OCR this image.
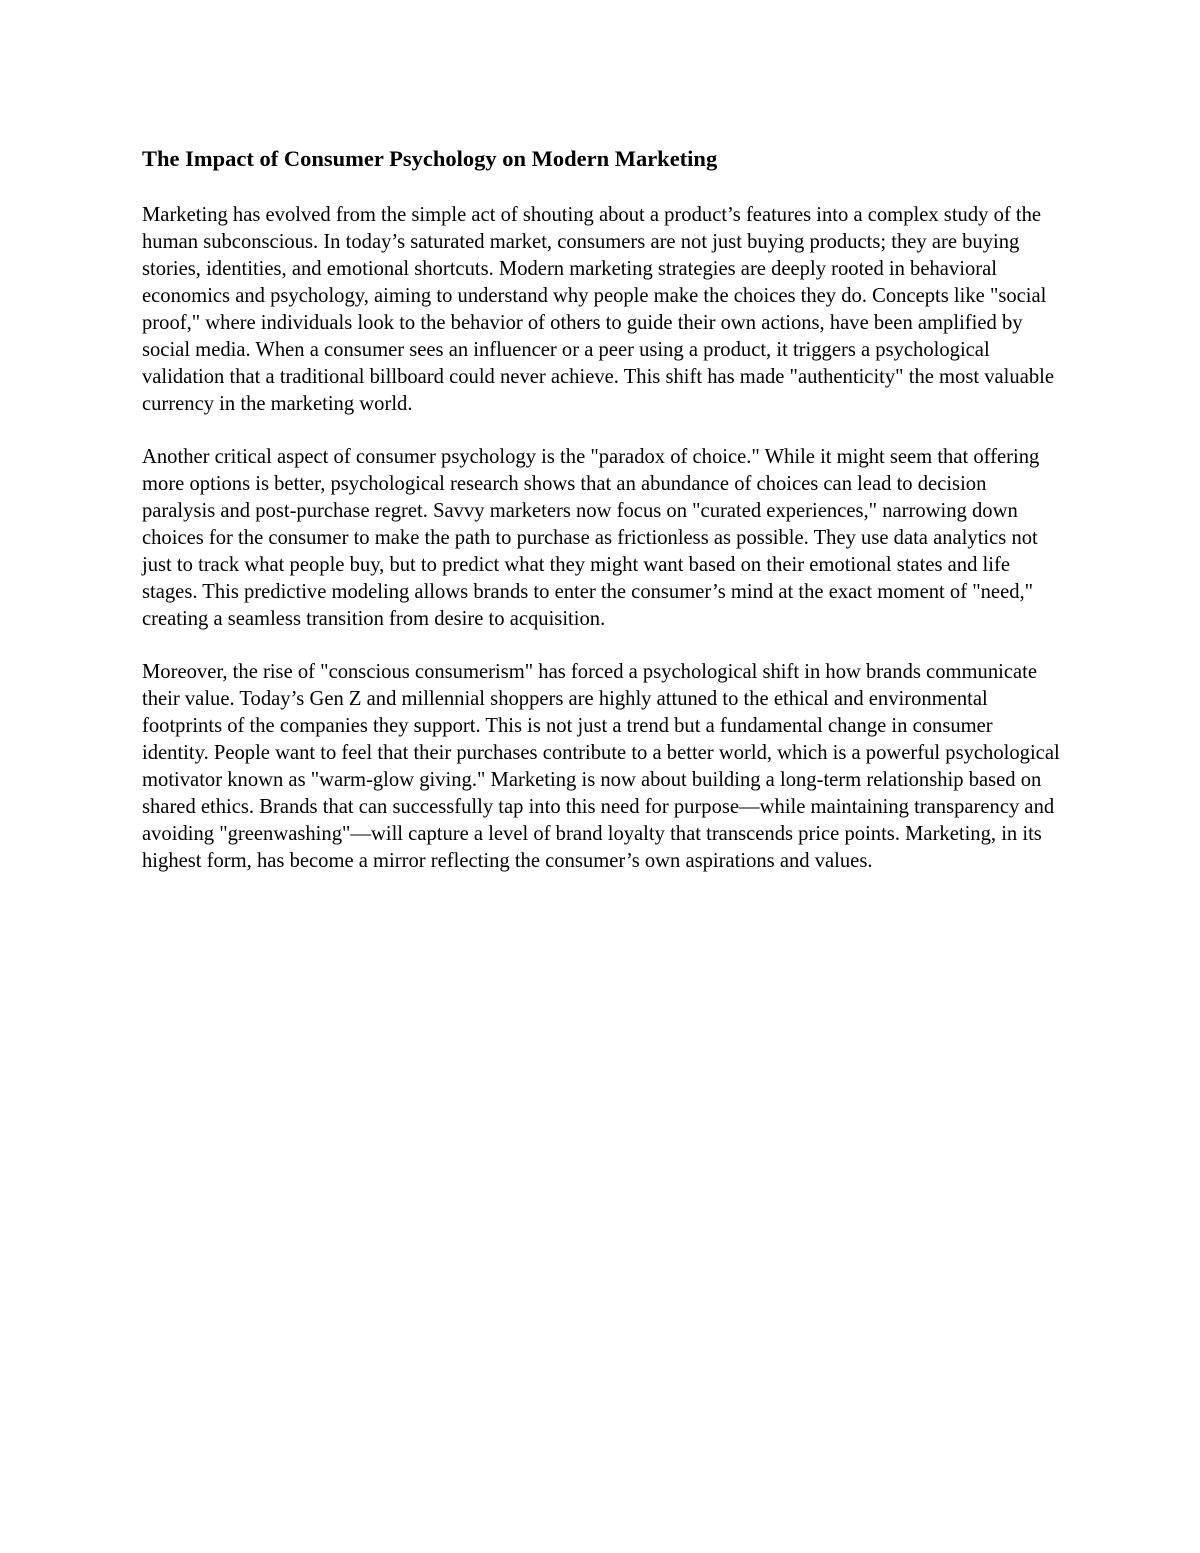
The Impact of Consumer Psychology on Modern Marketing

Marketing has evolved from the simple act of shouting about a product’s features into a complex study of the human subconscious. In today’s saturated market, consumers are not just buying products; they are buying stories, identities, and emotional shortcuts. Modern marketing strategies are deeply rooted in behavioral economics and psychology, aiming to understand why people make the choices they do. Concepts like "social proof," where individuals look to the behavior of others to guide their own actions, have been amplified by social media. When a consumer sees an influencer or a peer using a product, it triggers a psychological validation that a traditional billboard could never achieve. This shift has made "authenticity" the most valuable currency in the marketing world.

Another critical aspect of consumer psychology is the "paradox of choice." While it might seem that offering more options is better, psychological research shows that an abundance of choices can lead to decision paralysis and post-purchase regret. Savvy marketers now focus on "curated experiences," narrowing down choices for the consumer to make the path to purchase as frictionless as possible. They use data analytics not just to track what people buy, but to predict what they might want based on their emotional states and life stages. This predictive modeling allows brands to enter the consumer’s mind at the exact moment of "need," creating a seamless transition from desire to acquisition.

Moreover, the rise of "conscious consumerism" has forced a psychological shift in how brands communicate their value. Today’s Gen Z and millennial shoppers are highly attuned to the ethical and environmental footprints of the companies they support. This is not just a trend but a fundamental change in consumer identity. People want to feel that their purchases contribute to a better world, which is a powerful psychological motivator known as "warm-glow giving." Marketing is now about building a long-term relationship based on shared ethics. Brands that can successfully tap into this need for purpose—while maintaining transparency and avoiding "greenwashing"—will capture a level of brand loyalty that transcends price points. Marketing, in its highest form, has become a mirror reflecting the consumer’s own aspirations and values.
